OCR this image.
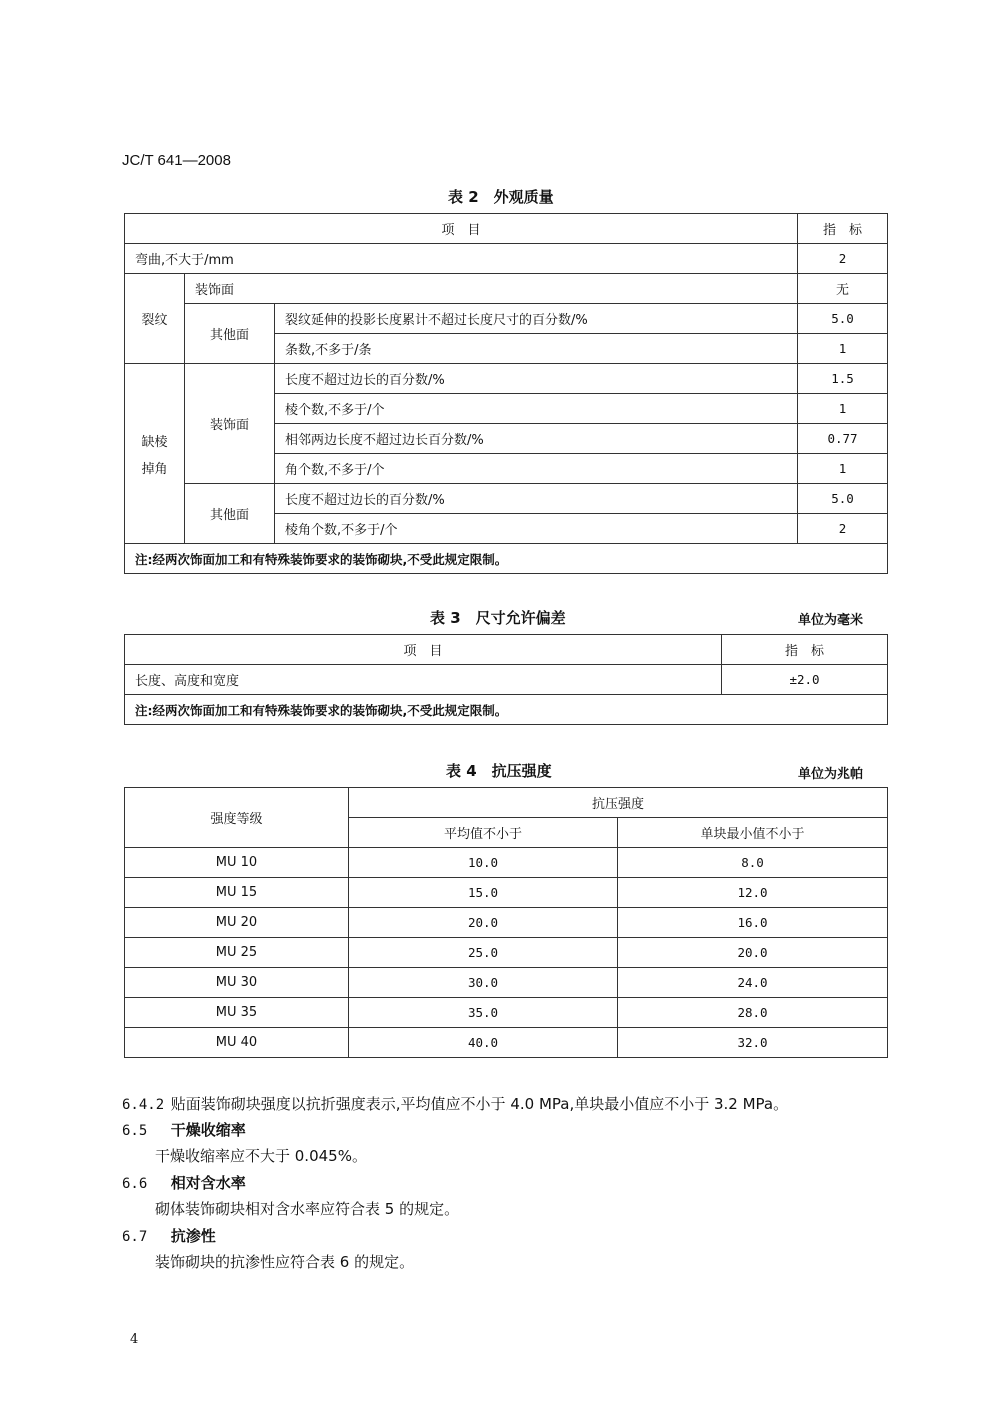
JC/T 641—2008
表 2　外观质量
项　目			指　标
弯曲,不大于/mm			2
裂纹	装饰面		无
	其他面	裂纹延伸的投影长度累计不超过长度尺寸的百分数/%	5.0
		条数,不多于/条	1

缺棱
掉角	装饰面	长度不超过边长的百分数/%	1.5
		棱个数,不多于/个	1
		相邻两边长度不超过边长百分数/%	0.77
		角个数,不多于/个	1
	其他面	长度不超过边长的百分数/%	5.0
		棱角个数,不多于/个	2
注:经两次饰面加工和有特殊装饰要求的装饰砌块,不受此规定限制。			
表 3　尺寸允许偏差	单位为毫米
项　目	指　标
长度、高度和宽度	±2.0
注:经两次饰面加工和有特殊装饰要求的装饰砌块,不受此规定限制。	
表 4　抗压强度	单位为兆帕
强度等级	抗压强度	
	平均值不小于	单块最小值不小于
MU 10	10.0	8.0
MU 15	15.0	12.0
MU 20	20.0	16.0
MU 25	25.0	20.0
MU 30	30.0	24.0
MU 35	35.0	28.0
MU 40	40.0	32.0
6.4.2 贴面装饰砌块强度以抗折强度表示,平均值应不小于 4.0 MPa,单块最小值应不小于 3.2 MPa。
6.5 干燥收缩率
干燥收缩率应不大于 0.045%。
6.6 相对含水率
砌体装饰砌块相对含水率应符合表 5 的规定。
6.7 抗渗性
装饰砌块的抗渗性应符合表 6 的规定。
4
